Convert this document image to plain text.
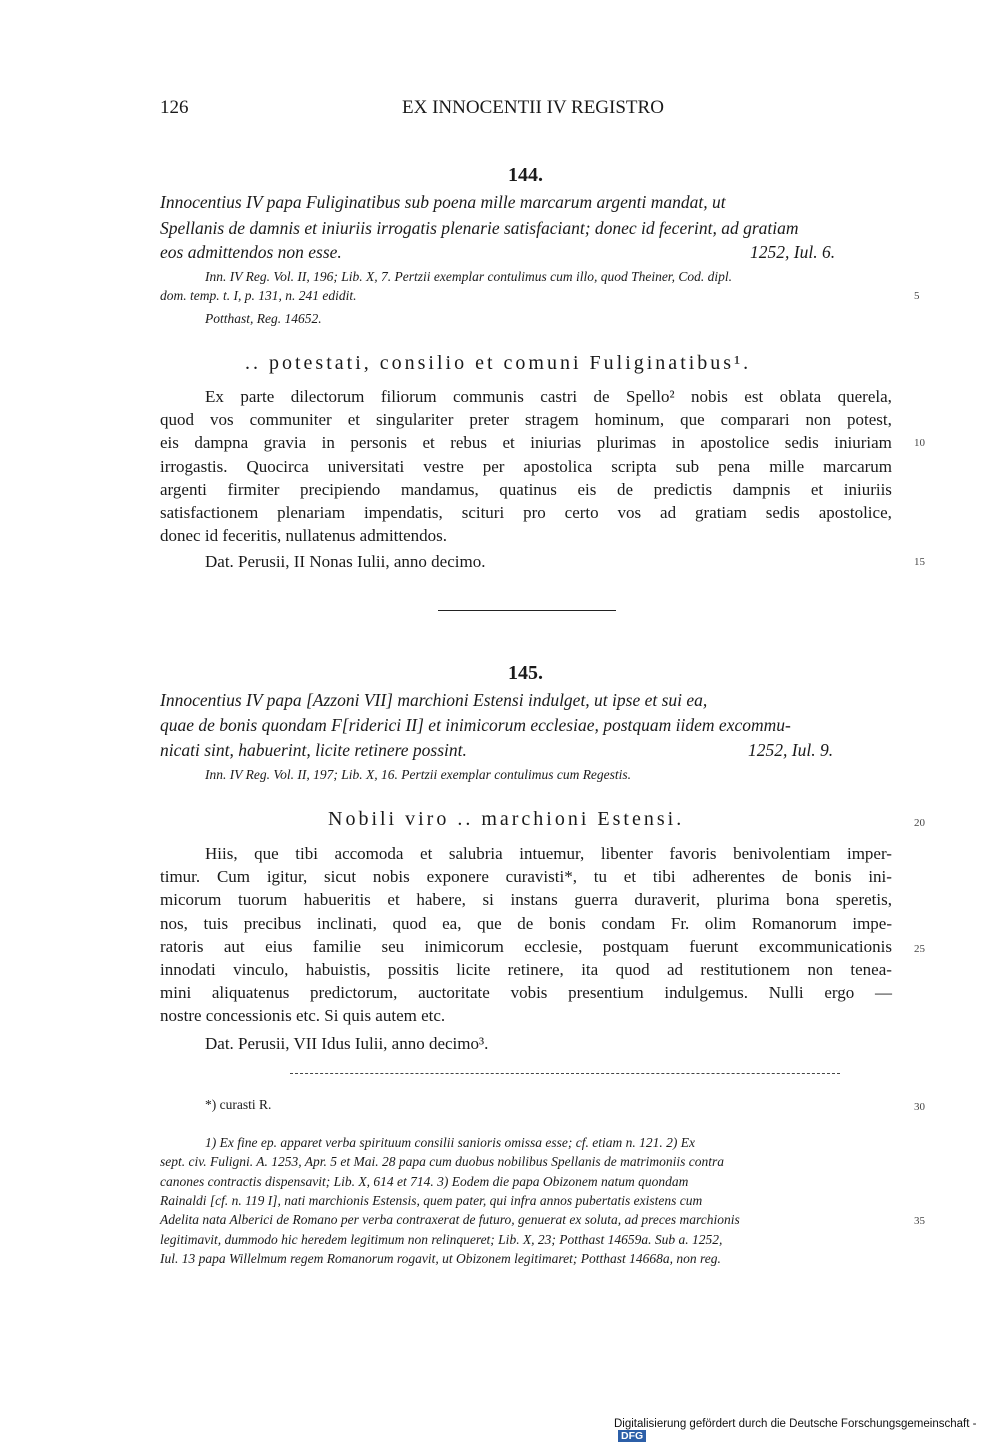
126	EX INNOCENTII IV REGISTRO
144.
Innocentius IV papa Fuliginatibus sub poena mille marcarum argenti mandat, ut
Spellanis de damnis et iniuriis irrogatis plenarie satisfaciant; donec id fecerint, ad gratiam
eos admittendos non esse.	1252, Iul. 6.
Inn. IV Reg. Vol. II, 196; Lib. X, 7. Pertzii exemplar contulimus cum illo, quod Theiner, Cod. dipl.
dom. temp. t. I, p. 131, n. 241 edidit.
Potthast, Reg. 14652.
.. potestati, consilio et comuni Fuliginatibus¹.
Ex parte dilectorum filiorum communis castri de Spello² nobis est oblata querela,
quod vos communiter et singulariter preter stragem hominum, que comparari non potest,
eis dampna gravia in personis et rebus et iniurias plurimas in apostolice sedis iniuriam
irrogastis. Quocirca universitati vestre per apostolica scripta sub pena mille marcarum
argenti firmiter precipiendo mandamus, quatinus eis de predictis dampnis et iniuriis
satisfactionem plenariam impendatis, scituri pro certo vos ad gratiam sedis apostolice,
donec id feceritis, nullatenus admittendos.
Dat. Perusii, II Nonas Iulii, anno decimo.
145.
Innocentius IV papa [Azzoni VII] marchioni Estensi indulget, ut ipse et sui ea,
quae de bonis quondam F[riderici II] et inimicorum ecclesiae, postquam iidem excommu-
nicati sint, habuerint, licite retinere possint.	1252, Iul. 9.
Inn. IV Reg. Vol. II, 197; Lib. X, 16. Pertzii exemplar contulimus cum Regestis.
Nobili viro .. marchioni Estensi.
Hiis, que tibi accomoda et salubria intuemur, libenter favoris benivolentiam imper-
timur. Cum igitur, sicut nobis exponere curavisti*, tu et tibi adherentes de bonis ini-
micorum tuorum habueritis et habere, si instans guerra duraverit, plurima bona speretis,
nos, tuis precibus inclinati, quod ea, que de bonis condam Fr. olim Romanorum impe-
ratoris aut eius familie seu inimicorum ecclesie, postquam fuerunt excommunicationis
innodati vinculo, habuistis, possitis licite retinere, ita quod ad restitutionem non tenea-
mini aliquatenus predictorum, auctoritate vobis presentium indulgemus. Nulli ergo —
nostre concessionis etc. Si quis autem etc.
Dat. Perusii, VII Idus Iulii, anno decimo³.
*) curasti R.
1) Ex fine ep. apparet verba spirituum consilii sanioris omissa esse; cf. etiam n. 121. 2) Ex
sept. civ. Fuligni. A. 1253, Apr. 5 et Mai. 28 papa cum duobus nobilibus Spellanis de matrimoniis contra
canones contractis dispensavit; Lib. X, 614 et 714. 3) Eodem die papa Obizonem natum quondam
Rainaldi [cf. n. 119 I], nati marchionis Estensis, quem pater, qui infra annos pubertatis existens cum
Adelita nata Alberici de Romano per verba contraxerat de futuro, genuerat ex soluta, ad preces marchionis
legitimavit, dummodo hic heredem legitimum non relinqueret; Lib. X, 23; Potthast 14659a. Sub a. 1252,
Iul. 13 papa Willelmum regem Romanorum rogavit, ut Obizonem legitimaret; Potthast 14668a, non reg.
5
10
15
20
25
30
35
Digitalisierung gefördert durch die Deutsche Forschungsgemeinschaft -DFG
